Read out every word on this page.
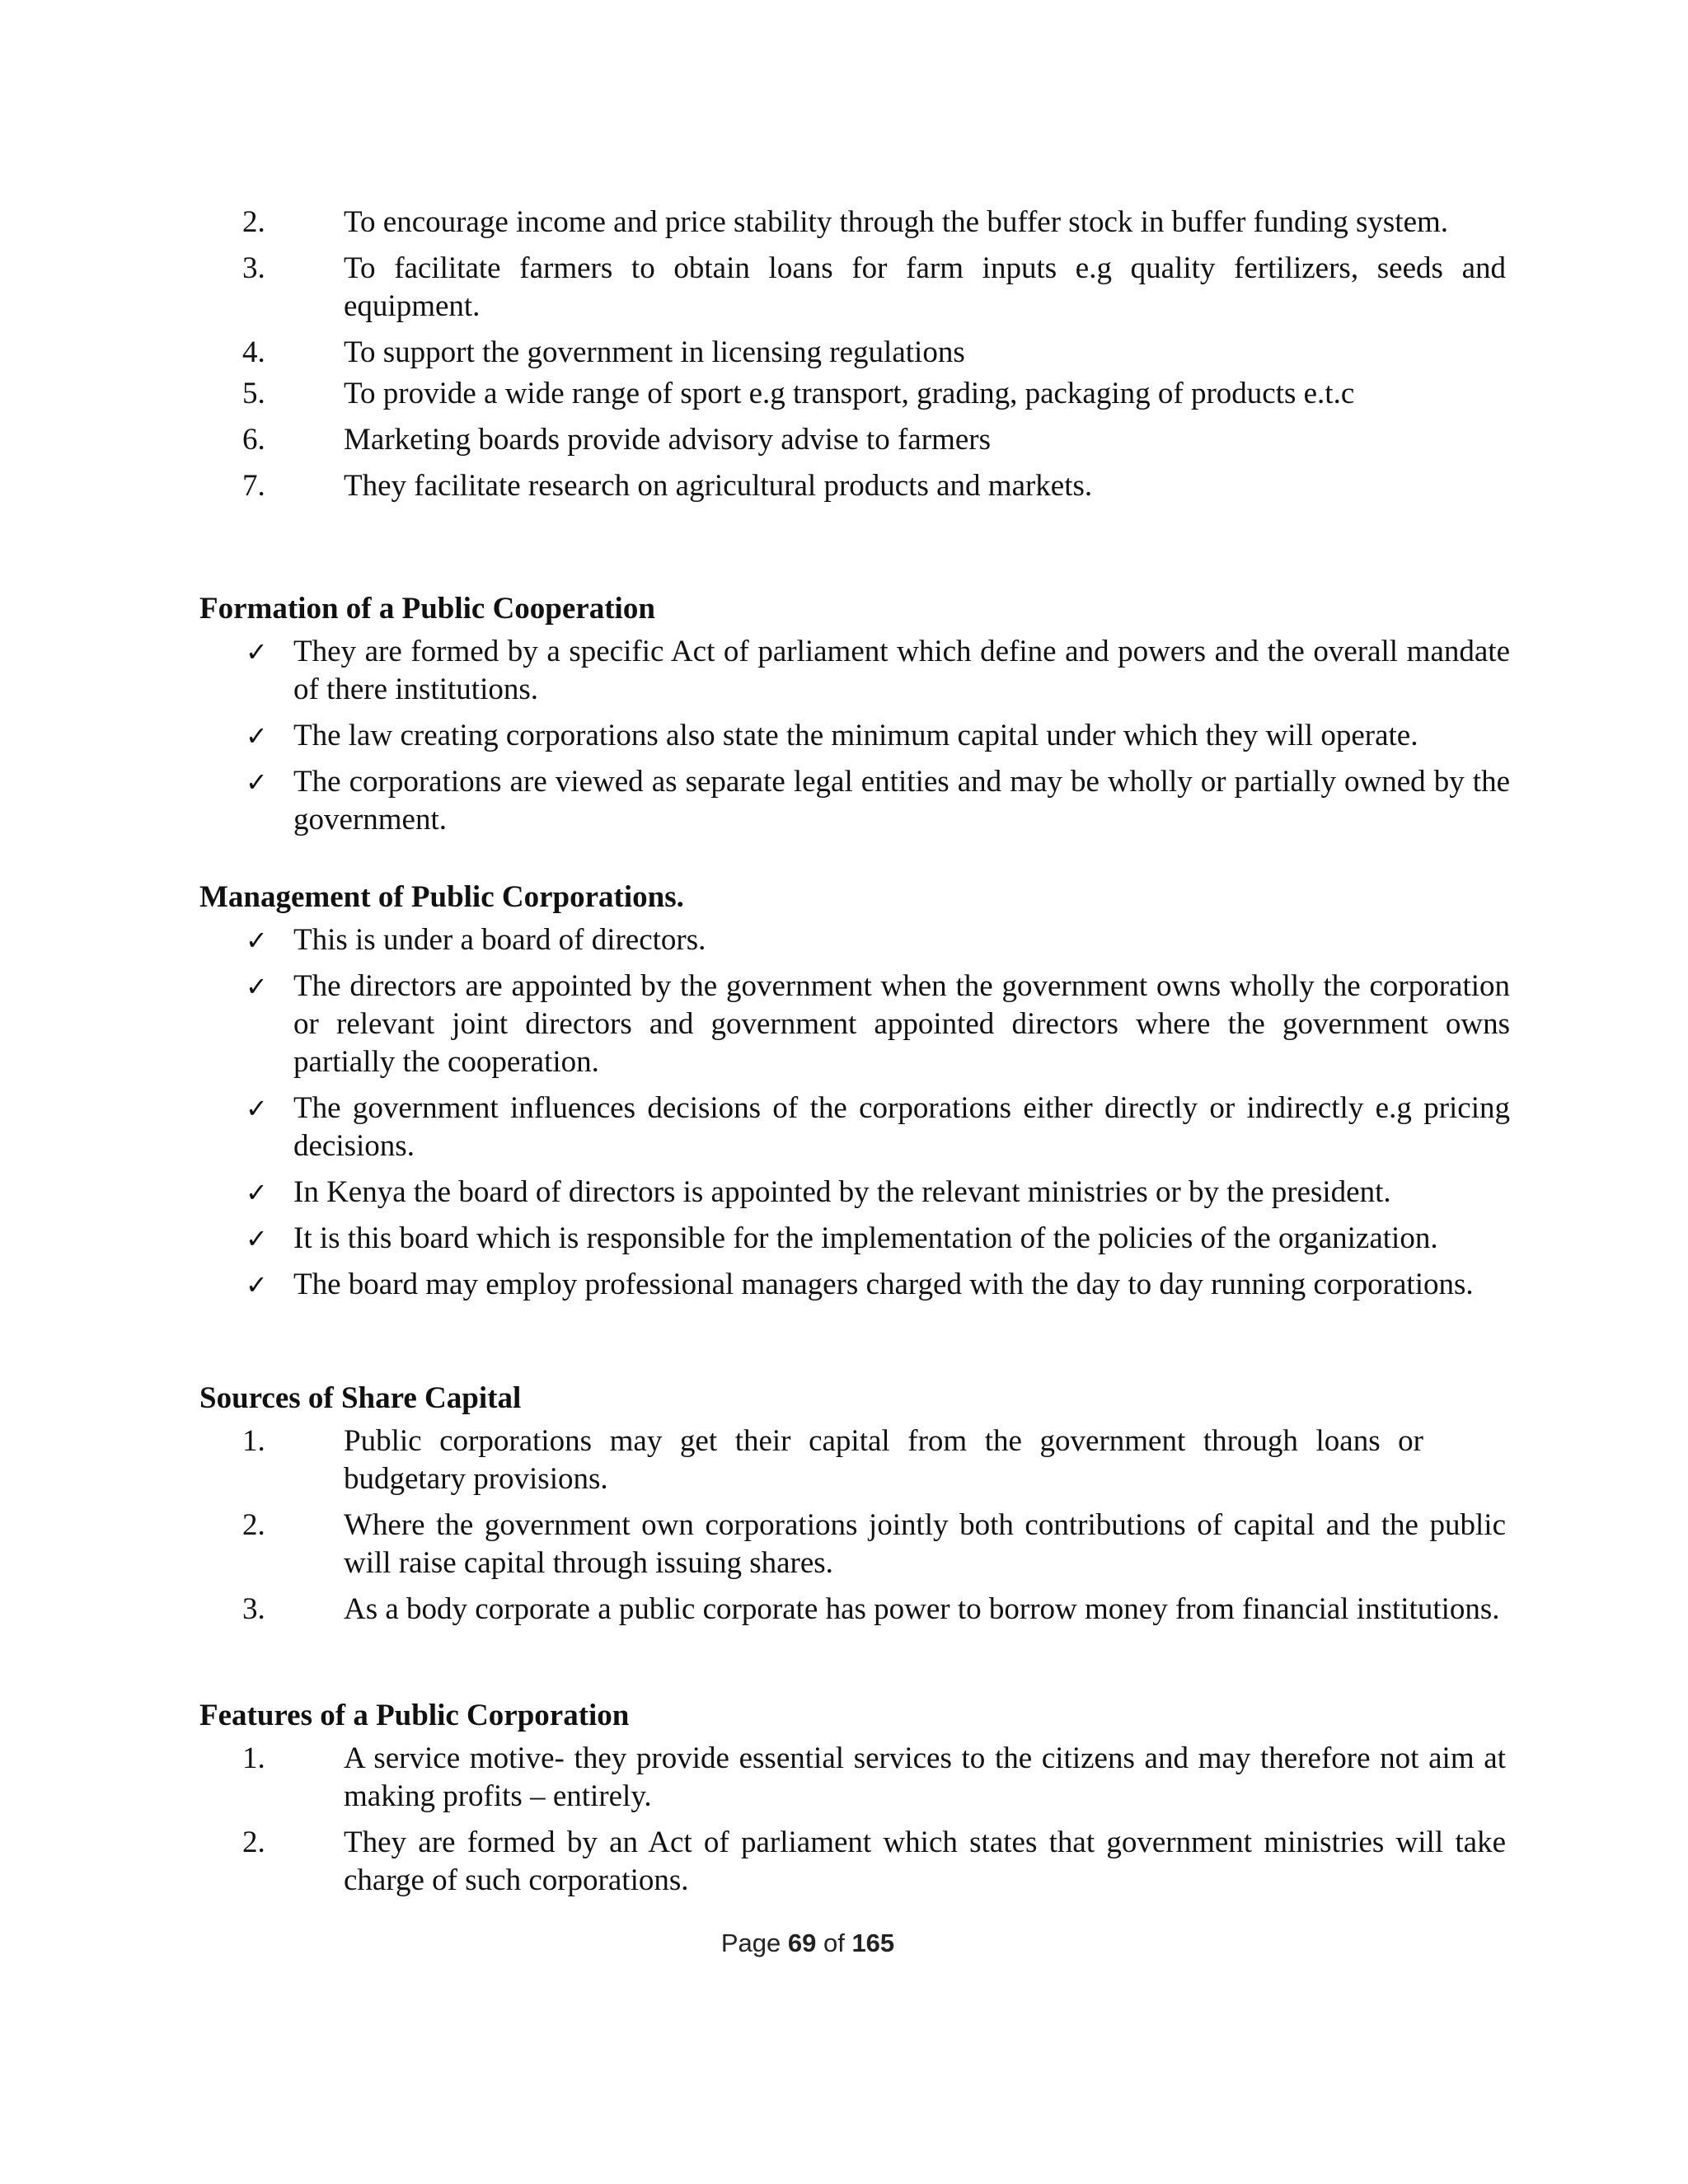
2.	To encourage income and price stability through the buffer stock in buffer funding system.
3.	To facilitate farmers to obtain loans for farm inputs e.g quality fertilizers, seeds and equipment.
4.	To support the government in licensing regulations
5.	To provide a wide range of sport e.g transport, grading, packaging of products e.t.c
6.	Marketing boards provide advisory advise to farmers
7.	They facilitate research on agricultural products and markets.
Formation of a Public Cooperation
✓ They are formed by a specific Act of parliament which define and powers and the overall mandate of there institutions.
✓ The law creating corporations also state the minimum capital under which they will operate.
✓ The corporations are viewed as separate legal entities and may be wholly or partially owned by the government.
Management of Public Corporations.
✓ This is under a board of directors.
✓ The directors are appointed by the government when the government owns wholly the corporation or relevant joint directors and government appointed directors where the government owns partially the cooperation.
✓ The government influences decisions of the corporations either directly or indirectly e.g pricing decisions.
✓ In Kenya the board of directors is appointed by the relevant ministries or by the president.
✓ It is this board which is responsible for the implementation of the policies of the organization.
✓ The board may employ professional managers charged with the day to day running corporations.
Sources of Share Capital
1.	Public corporations may get their capital from the government through loans or budgetary provisions.
2.	Where the government own corporations jointly both contributions of capital and the public will raise capital through issuing shares.
3.	As a body corporate a public corporate has power to borrow money from financial institutions.
Features of a Public Corporation
1.	A service motive- they provide essential services to the citizens and may therefore not aim at making profits – entirely.
2.	They are formed by an Act of parliament which states that government ministries will take charge of such corporations.
Page 69 of 165
